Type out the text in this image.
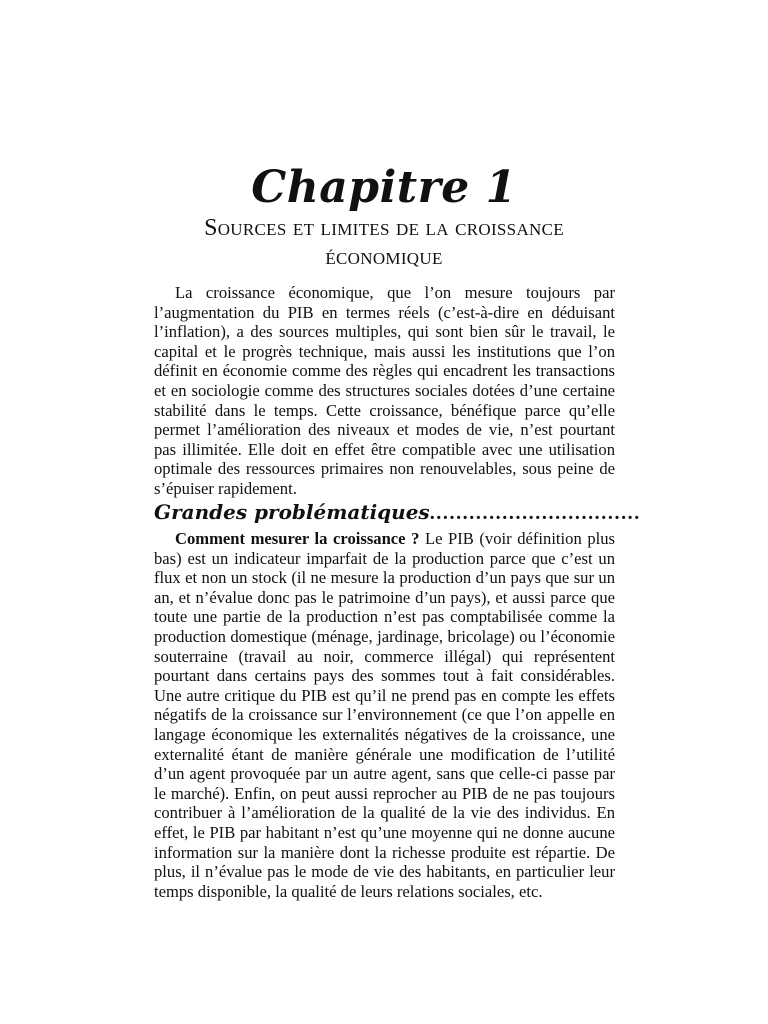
Chapitre 1
Sources et limites de la croissance économique

La croissance économique, que l’on mesure toujours par l’augmentation du PIB en termes réels (c’est-à-dire en déduisant l’inflation), a des sources multiples, qui sont bien sûr le travail, le capital et le progrès technique, mais aussi les institutions que l’on définit en économie comme des règles qui encadrent les transactions et en sociologie comme des structures sociales dotées d’une certaine stabilité dans le temps. Cette croissance, bénéfique parce qu’elle permet l’amélioration des niveaux et modes de vie, n’est pourtant pas illimitée. Elle doit en effet être compatible avec une utilisation optimale des ressources primaires non renouvelables, sous peine de s’épuiser rapidement.

Grandes problématiques................................

Comment mesurer la croissance ? Le PIB (voir définition plus bas) est un indicateur imparfait de la production parce que c’est un flux et non un stock (il ne mesure la production d’un pays que sur un an, et n’évalue donc pas le patrimoine d’un pays), et aussi parce que toute une partie de la production n’est pas comptabilisée comme la production domestique (ménage, jardinage, bricolage) ou l’économie souterraine (travail au noir, commerce illégal) qui représentent pourtant dans certains pays des sommes tout à fait considérables. Une autre critique du PIB est qu’il ne prend pas en compte les effets négatifs de la croissance sur l’environnement (ce que l’on appelle en langage économique les externalités négatives de la croissance, une externalité étant de manière générale une modification de l’utilité d’un agent provoquée par un autre agent, sans que celle-ci passe par le marché). Enfin, on peut aussi reprocher au PIB de ne pas toujours contribuer à l’amélioration de la qualité de la vie des individus. En effet, le PIB par habitant n’est qu’une moyenne qui ne donne aucune information sur la manière dont la richesse produite est répartie. De plus, il n’évalue pas le mode de vie des habitants, en particulier leur temps disponible, la qualité de leurs relations sociales, etc.
